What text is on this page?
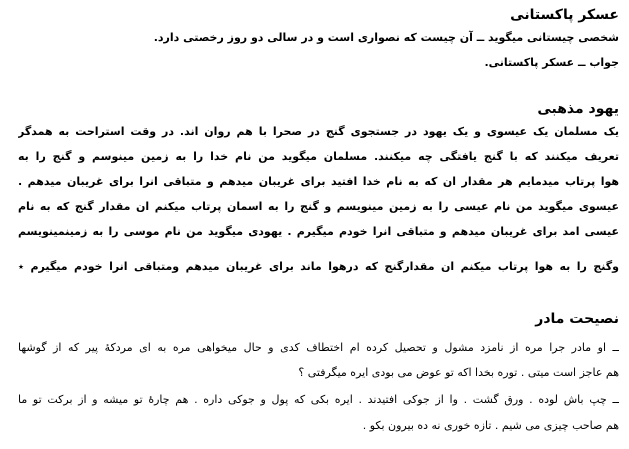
عسکر پاکستانی
شخصی چیستانی میگوید ــ آن چیست که نصواری است و در سالی دو روز رخصتی دارد.
جواب ــ عسکر پاکستانی.
یهود مذهبی
یک مسلمان یک عیسوی و یک یهود در جستجوی گنج در صحرا با هم روان اند. در وقت استراحت به همدگر
تعریف میکنند که با گنج یافتگی چه میکنند. مسلمان میگوید من نام خدا را به زمین مینوسم و گنج را به
هوا پرتاب میدمایم هر مقدار ان که به نام خدا افتید برای غریبان میدهم و متباقی انرا برای غریبان میدهم .
عیسوی میگوید من نام عیسی را به زمین مینویسم و گنج را به اسمان پرتاب میکنم ان مقدار گنج که به نام
عیسی امد برای غریبان میدهم و متباقی انرا خودم میگیرم . یهودی میگوید من نام موسی را به زمینمینویسم
وگنج را به هوا پرتاب میکنم ان مقدارگنج که درهوا ماند برای غریبان میدهم ومتباقی انرا خودم میگیرم ٭
نصیحت مادر
ــ او مادر جرا مره از نامزد مشول و تحصیل کرده ام اختطاف کدی و حال میخواهی مره به ای مردکهٔ پیر که از گوشها
هم عاجز است میتی . توره بخدا اکه تو عوض می بودی ایره میگرفتی ؟
ــ چپ باش لوده . ورق گشت . وا از جوکی افتیدند . ایره بکی که پول و جوکی داره . هم چارهٔ تو میشه و از برکت تو ما
هم صاحب چیزی می شیم . تازه خوری نه ده بیرون بکو .
